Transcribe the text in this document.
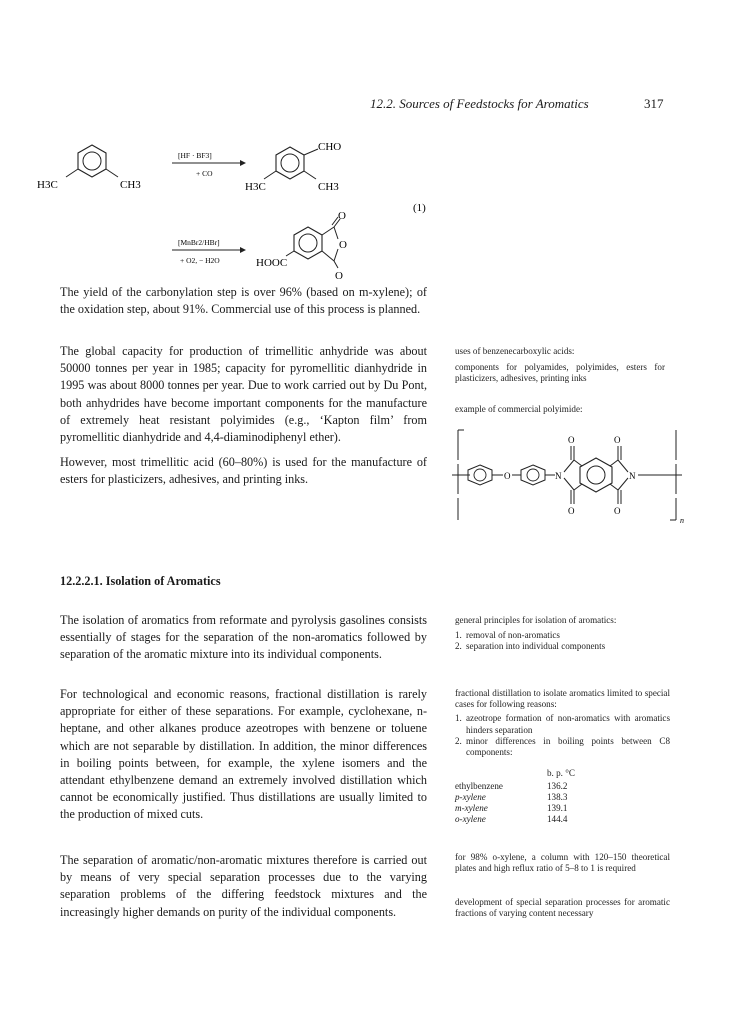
12.2. Sources of Feedstocks for Aromatics	317
H3C	CH3
[HF · BF3]
+ CO
CHO
H3C	CH3
(1)
[MnBr2/HBr]
+ O2, − H2O
O
O
O
HOOC

The yield of the carbonylation step is over 96% (based on m-xylene); of the oxidation step, about 91%. Commercial use of this process is planned.

The global capacity for production of trimellitic anhydride was about 50000 tonnes per year in 1985; capacity for pyromellitic dianhydride in 1995 was about 8000 tonnes per year. Due to work carried out by Du Pont, both anhydrides have become important components for the manufacture of extremely heat resistant polyimides (e.g., ‘Kapton film’ from pyromellitic dianhydride and 4,4-diaminodiphenyl ether).

However, most trimellitic acid (60–80%) is used for the manufacture of esters for plasticizers, adhesives, and printing inks.

12.2.2.1. Isolation of Aromatics

The isolation of aromatics from reformate and pyrolysis gasolines consists essentially of stages for the separation of the non-aromatics followed by separation of the aromatic mixture into its individual components.

For technological and economic reasons, fractional distillation is rarely appropriate for either of these separations. For example, cyclohexane, n-heptane, and other alkanes produce azeotropes with benzene or toluene which are not separable by distillation. In addition, the minor differences in boiling points between, for example, the xylene isomers and the attendant ethylbenzene demand an extremely involved distillation which cannot be economically justified. Thus distillations are usually limited to the production of mixed cuts.

The separation of aromatic/non-aromatic mixtures therefore is carried out by means of very special separation processes due to the varying separation problems of the differing feedstock mixtures and the increasingly higher demands on purity of the individual components.

uses of benzenecarboxylic acids:

components for polyamides, polyimides, esters for plasticizers, adhesives, printing inks

example of commercial polyimide:
n
O	N
O
O
O
O
N

general principles for isolation of aromatics:

1. removal of non-aromatics
2. separation into individual components

fractional distillation to isolate aromatics limited to special cases for following reasons:

1. azeotrope formation of non-aromatics with aromatics hinders separation
2. minor differences in boiling points between C8 components:
b. p. °C
ethylbenzene	136.2
p-xylene	138.3
m-xylene	139.1
o-xylene	144.4
for 98% o-xylene, a column with 120–150 theoretical plates and high reflux ratio of 5–8 to 1 is required
development of special separation processes for aromatic fractions of varying content necessary
